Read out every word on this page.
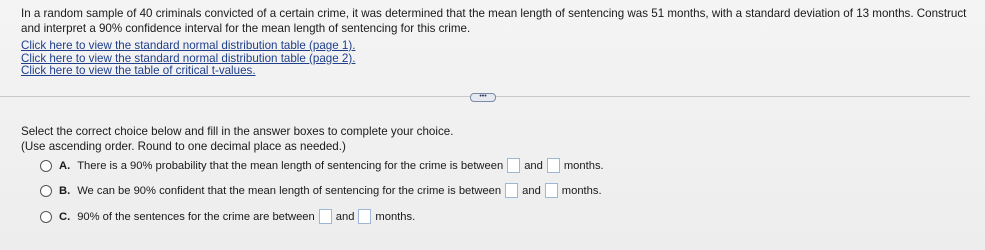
In a random sample of 40 criminals convicted of a certain crime, it was determined that the mean length of sentencing was 51 months, with a standard deviation of 13 months. Construct and interpret a 90% confidence interval for the mean length of sentencing for this crime.
Click here to view the standard normal distribution table (page 1).
Click here to view the standard normal distribution table (page 2).
Click here to view the table of critical t-values.
•••
Select the correct choice below and fill in the answer boxes to complete your choice.
(Use ascending order. Round to one decimal place as needed.)
A. There is a 90% probability that the mean length of sentencing for the crime is between and months.
B. We can be 90% confident that the mean length of sentencing for the crime is between and months.
C. 90% of the sentences for the crime are between and months.
